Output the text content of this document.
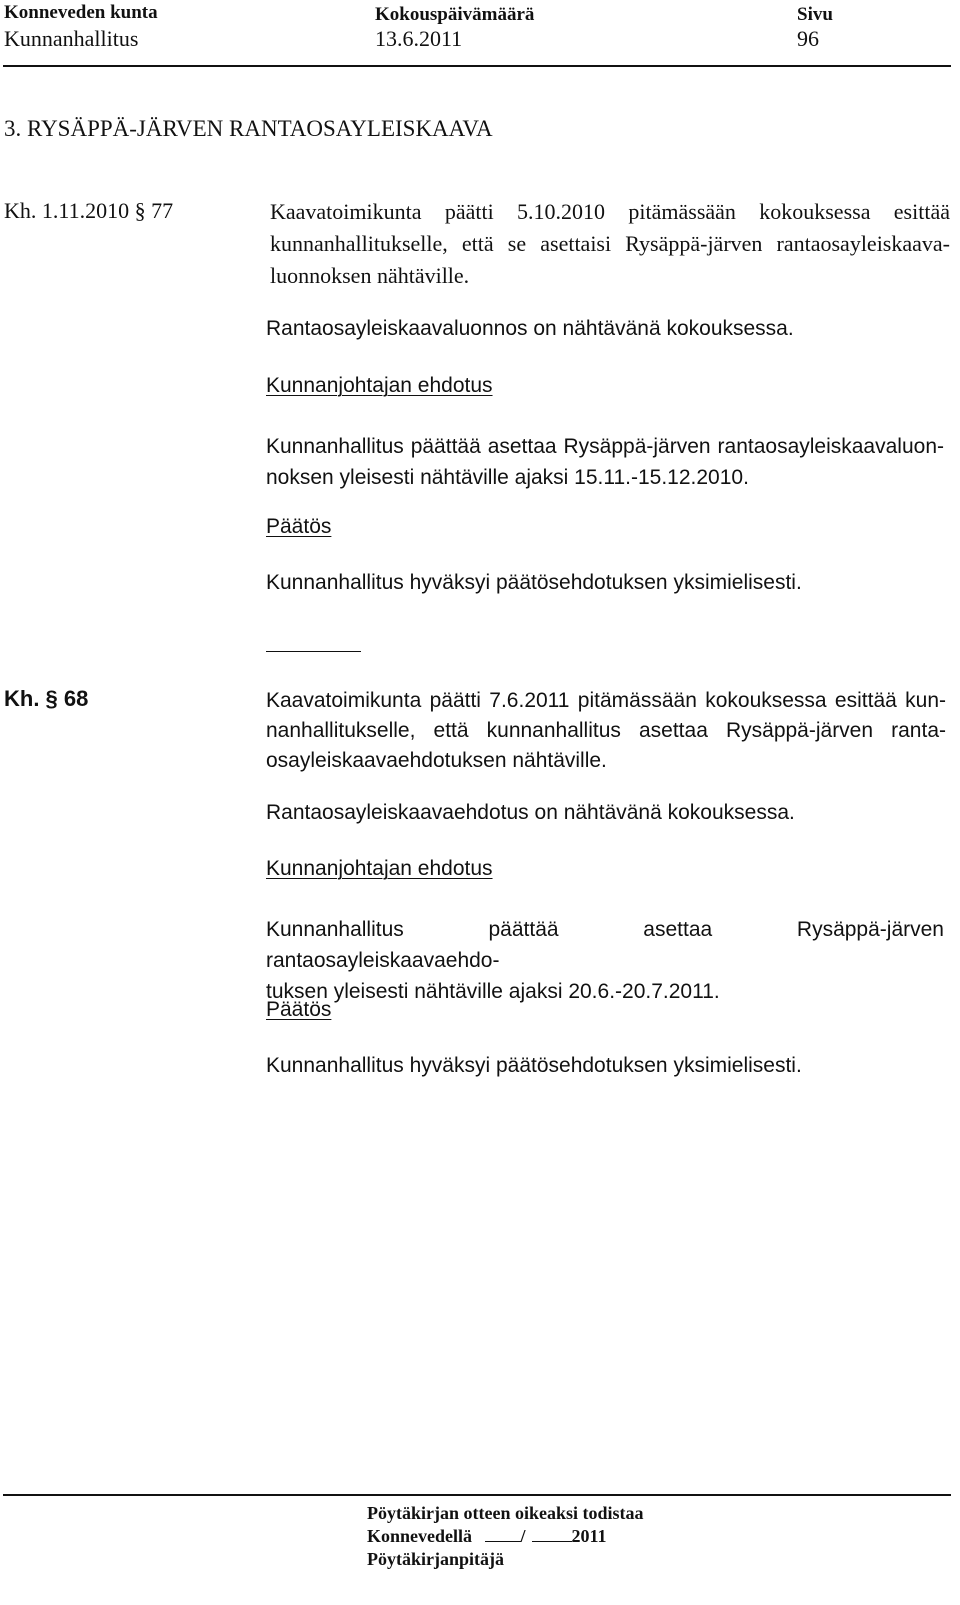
Konneveden kunta	Kokouspäivämäärä	Sivu
Kunnanhallitus	13.6.2011	96
3. RYSÄPPÄ-JÄRVEN RANTAOSAYLEISKAAVA
Kh. 1.11.2010 § 77	Kaavatoimikunta päätti 5.10.2010 pitämässään kokouksessa esittää
kunnanhallitukselle, että se asettaisi Rysäppä-järven rantaosayleiskaava-
luonnoksen nähtäville.
Rantaosayleiskaavaluonnos on nähtävänä kokouksessa.
Kunnanjohtajan ehdotus
Kunnanhallitus päättää asettaa Rysäppä-järven rantaosayleiskaavaluon-
noksen yleisesti nähtäville ajaksi 15.11.-15.12.2010.
Päätös
Kunnanhallitus hyväksyi päätösehdotuksen yksimielisesti.
Kh. § 68	Kaavatoimikunta päätti 7.6.2011 pitämässään kokouksessa esittää kun-
nanhallitukselle, että kunnanhallitus asettaa Rysäppä-järven ranta-
osayleiskaavaehdotuksen nähtäville.
Rantaosayleiskaavaehdotus on nähtävänä kokouksessa.
Kunnanjohtajan ehdotus
Kunnanhallitus päättää asettaa Rysäppä-järven rantaosayleiskaavaehdo-
tuksen yleisesti nähtäville ajaksi 20.6.-20.7.2011.
Päätös
Kunnanhallitus hyväksyi päätösehdotuksen yksimielisesti.
Pöytäkirjan otteen oikeaksi todistaa
Konnevedellä	/	2011
Pöytäkirjanpitäjä
